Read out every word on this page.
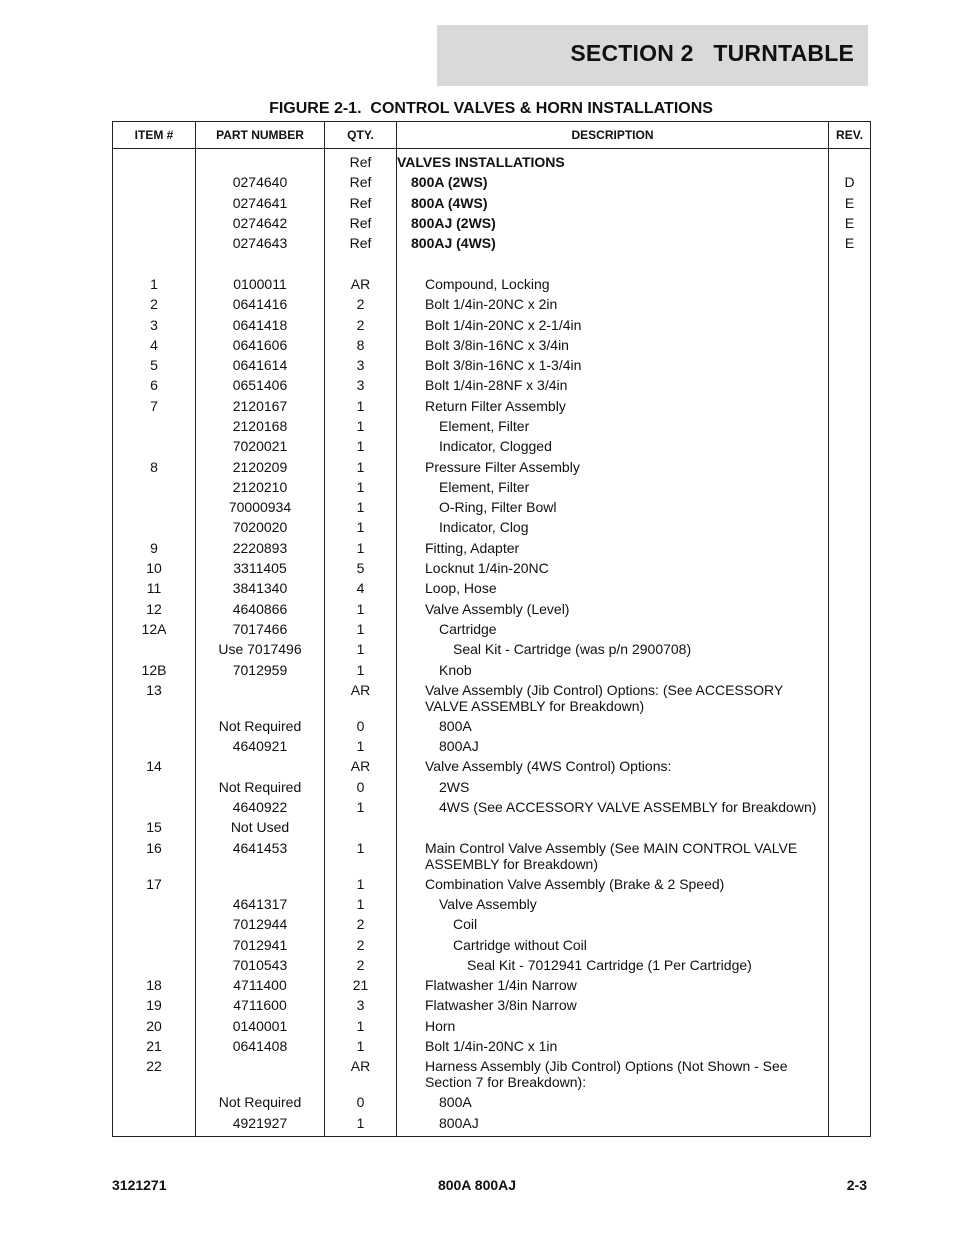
SECTION 2   TURNTABLE
FIGURE 2-1.  CONTROL VALVES & HORN INSTALLATIONS
ITEM #	PART NUMBER	QTY.	DESCRIPTION	REV.
		Ref	VALVES INSTALLATIONS	
	0274640	Ref	800A (2WS)	D
	0274641	Ref	800A (4WS)	E
	0274642	Ref	800AJ (2WS)	E
	0274643	Ref	800AJ (4WS)	E

1	0100011	AR	Compound, Locking	
2	0641416	2	Bolt 1/4in-20NC x 2in	
3	0641418	2	Bolt 1/4in-20NC x 2-1/4in	
4	0641606	8	Bolt 3/8in-16NC x 3/4in	
5	0641614	3	Bolt 3/8in-16NC x 1-3/4in	
6	0651406	3	Bolt 1/4in-28NF x 3/4in	
7	2120167	1	Return Filter Assembly	
	2120168	1	Element, Filter	
	7020021	1	Indicator, Clogged	
8	2120209	1	Pressure Filter Assembly	
	2120210	1	Element, Filter	
	70000934	1	O-Ring, Filter Bowl	
	7020020	1	Indicator, Clog	
9	2220893	1	Fitting, Adapter	
10	3311405	5	Locknut 1/4in-20NC	
11	3841340	4	Loop, Hose	
12	4640866	1	Valve Assembly (Level)	
12A	7017466	1	Cartridge	
	Use 7017496	1	Seal Kit - Cartridge (was p/n 2900708)	
12B	7012959	1	Knob	
13		AR	Valve Assembly (Jib Control) Options: (See ACCESSORY VALVE ASSEMBLY for Breakdown)	
	Not Required	0	800A	
	4640921	1	800AJ	
14		AR	Valve Assembly (4WS Control) Options:	
	Not Required	0	2WS	
	4640922	1	4WS (See ACCESSORY VALVE ASSEMBLY for Breakdown)	
15	Not Used			
16	4641453	1	Main Control Valve Assembly (See MAIN CONTROL VALVE ASSEMBLY for Breakdown)	
17		1	Combination Valve Assembly (Brake & 2 Speed)	
	4641317	1	Valve Assembly	
	7012944	2	Coil	
	7012941	2	Cartridge without Coil	
	7010543	2	Seal Kit - 7012941 Cartridge (1 Per Cartridge)	
18	4711400	21	Flatwasher 1/4in Narrow	
19	4711600	3	Flatwasher 3/8in Narrow	
20	0140001	1	Horn	
21	0641408	1	Bolt 1/4in-20NC x 1in	
22		AR	Harness Assembly (Jib Control) Options (Not Shown - See Section 7 for Breakdown):	
	Not Required	0	800A	
	4921927	1	800AJ	
3121271	800A 800AJ	2-3
